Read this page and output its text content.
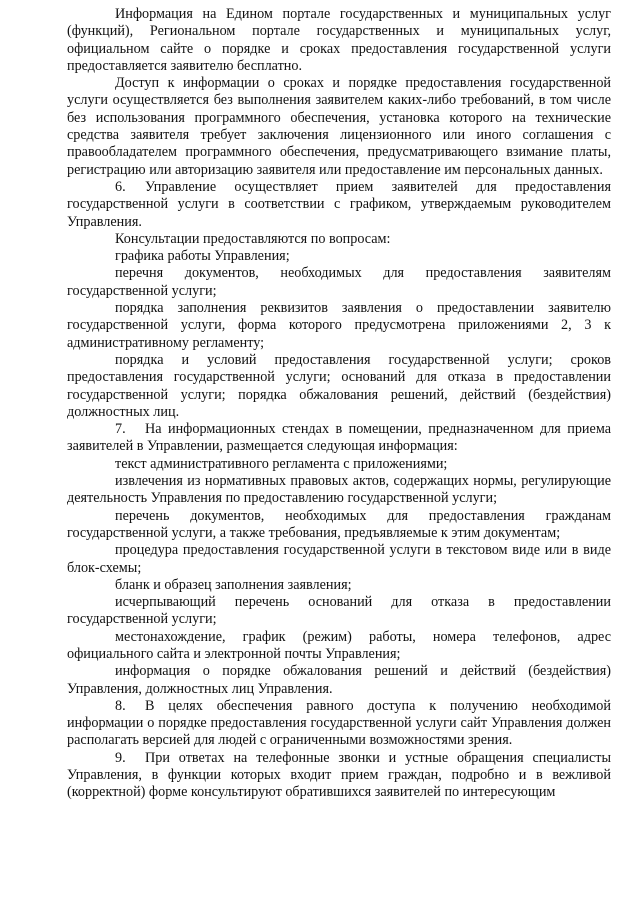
Информация на Едином портале государственных и муниципальных услуг (функций), Региональном портале государственных и муниципальных услуг, официальном сайте о порядке и сроках предоставления государственной услуги предоставляется заявителю бесплатно.

Доступ к информации о сроках и порядке предоставления государственной услуги осуществляется без выполнения заявителем каких-либо требований, в том числе без использования программного обеспечения, установка которого на технические средства заявителя требует заключения лицензионного или иного соглашения с правообладателем программного обеспечения, предусматривающего взимание платы, регистрацию или авторизацию заявителя или предоставление им персональных данных.

6. Управление осуществляет прием заявителей для предоставления государственной услуги в соответствии с графиком, утверждаемым руководителем Управления.

Консультации предоставляются по вопросам:

графика работы Управления;

перечня документов, необходимых для предоставления заявителям государственной услуги;

порядка заполнения реквизитов заявления о предоставлении заявителю государственной услуги, форма которого предусмотрена приложениями 2, 3 к административному регламенту;

порядка и условий предоставления государственной услуги; сроков предоставления государственной услуги; оснований для отказа в предоставлении государственной услуги; порядка обжалования решений, действий (бездействия) должностных лиц.

7. На информационных стендах в помещении, предназначенном для приема заявителей в Управлении, размещается следующая информация:

текст административного регламента с приложениями;

извлечения из нормативных правовых актов, содержащих нормы, регулирующие деятельность Управления по предоставлению государственной услуги;

перечень документов, необходимых для предоставления гражданам государственной услуги, а также требования, предъявляемые к этим документам;

процедура предоставления государственной услуги в текстовом виде или в виде блок-схемы;

бланк и образец заполнения заявления;

исчерпывающий перечень оснований для отказа в предоставлении государственной услуги;

местонахождение, график (режим) работы, номера телефонов, адрес официального сайта и электронной почты Управления;

информация о порядке обжалования решений и действий (бездействия) Управления, должностных лиц Управления.

8. В целях обеспечения равного доступа к получению необходимой информации о порядке предоставления государственной услуги сайт Управления должен располагать версией для людей с ограниченными возможностями зрения.

9. При ответах на телефонные звонки и устные обращения специалисты Управления, в функции которых входит прием граждан, подробно и в вежливой (корректной) форме консультируют обратившихся заявителей по интересующим
